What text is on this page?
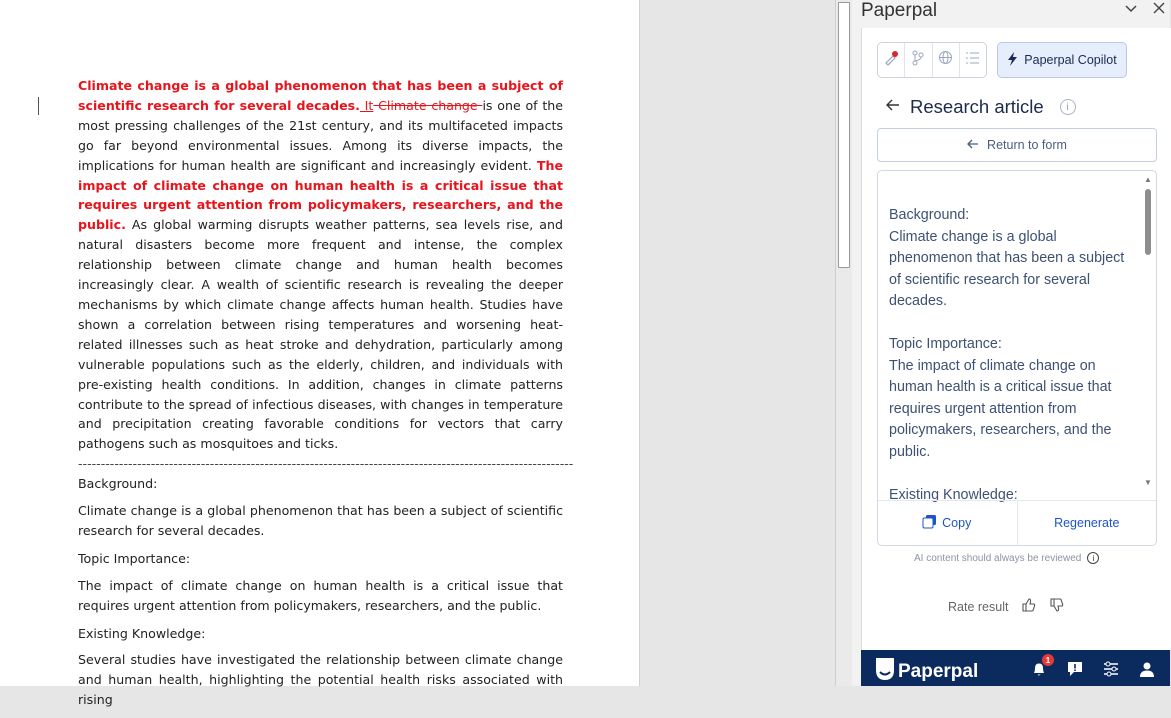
Climate change is a global phenomenon that has been a subject of scientific research for several decades. It Climate change is one of the most pressing challenges of the 21st century, and its multifaceted impacts go far beyond environmental issues. Among its diverse impacts, the implications for human health are significant and increasingly evident. The impact of climate change on human health is a critical issue that requires urgent attention from policymakers, researchers, and the public. As global warming disrupts weather patterns, sea levels rise, and natural disasters become more frequent and intense, the complex relationship between climate change and human health becomes increasingly clear. A wealth of scientific research is revealing the deeper mechanisms by which climate change affects human health. Studies have shown a correlation between rising temperatures and worsening heat-related illnesses such as heat stroke and dehydration, particularly among vulnerable populations such as the elderly, children, and individuals with pre-existing health conditions. In addition, changes in climate patterns contribute to the spread of infectious diseases, with changes in temperature and precipitation creating favorable conditions for vectors that carry pathogens such as mosquitoes and ticks.

-------------------------------------------------------------------------------------------------------------

Background:

Climate change is a global phenomenon that has been a subject of scientific research for several decades.

Topic Importance:

The impact of climate change on human health is a critical issue that requires urgent attention from policymakers, researchers, and the public.

Existing Knowledge:

Several studies have investigated the relationship between climate change and human health, highlighting the potential health risks associated with rising

Paperpal
Paperpal Copilot
Research article	i
Return to form

Background:
Climate change is a global phenomenon that has been a subject of scientific research for several decades.

Topic Importance:
The impact of climate change on human health is a critical issue that requires urgent attention from policymakers, researchers, and the public.

Existing Knowledge:

▲
▼
Copy	Regenerate
AI content should always be reviewed	i
Rate result
Paperpal
1
